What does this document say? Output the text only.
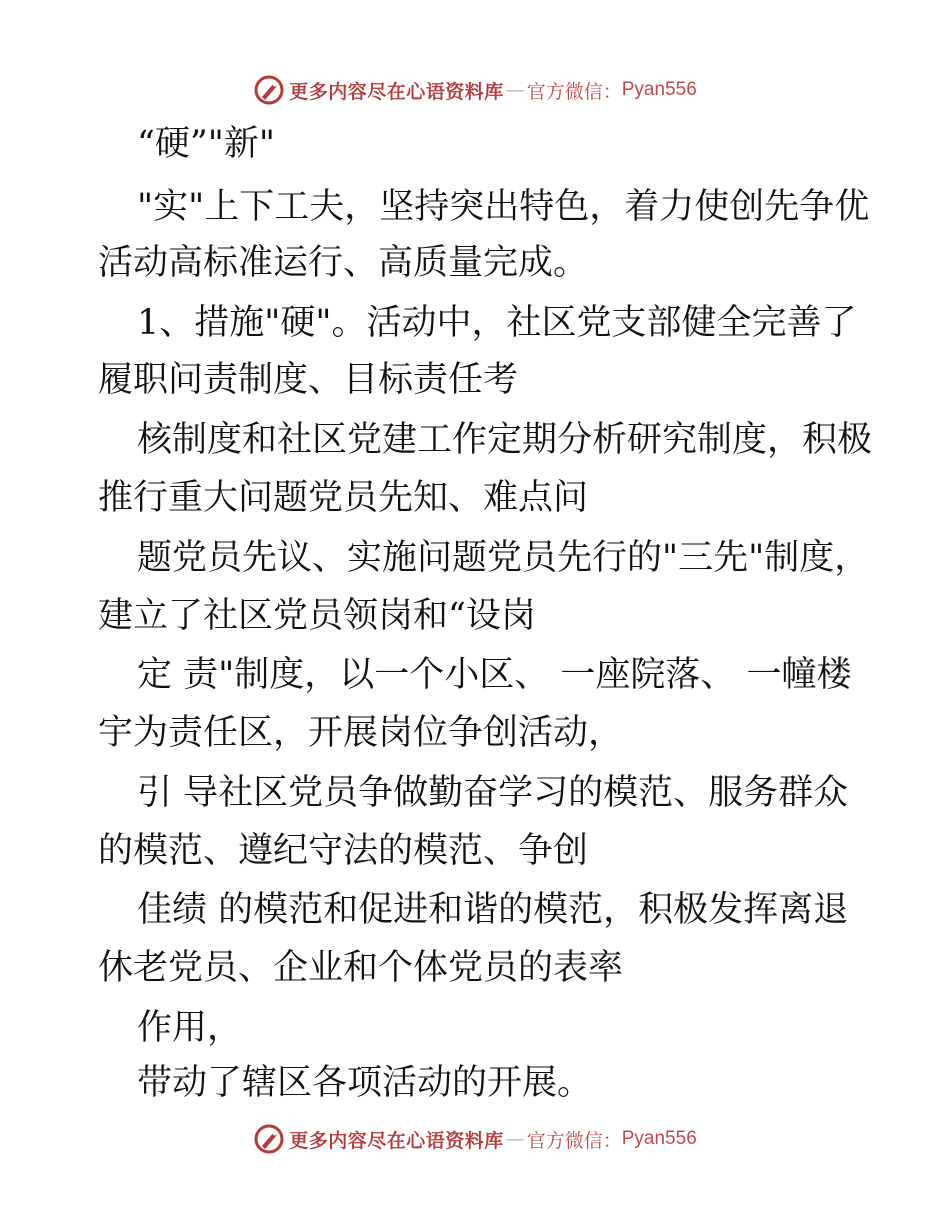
更多内容尽在心语资料库 — 官方微信： Pyan556
“硬”"新"
"实"上下工夫，坚持突出特色，着力使创先争优
活动高标准运行、高质量完成。
1、措施"硬"。活动中，社区党支部健全完善了
履职问责制度、目标责任考
核制度和社区党建工作定期分析研究制度，积极
推行重大问题党员先知、难点问
题党员先议、实施问题党员先行的"三先"制度，
建立了社区党员领岗和“设岗
定 责"制度，以一个小区、 一座院落、 一幢楼
宇为责任区，开展岗位争创活动，
引 导社区党员争做勤奋学习的模范、服务群众
的模范、遵纪守法的模范、争创
佳绩 的模范和促进和谐的模范，积极发挥离退
休老党员、企业和个体党员的表率
作用，
带动了辖区各项活动的开展。
更多内容尽在心语资料库 — 官方微信： Pyan556
